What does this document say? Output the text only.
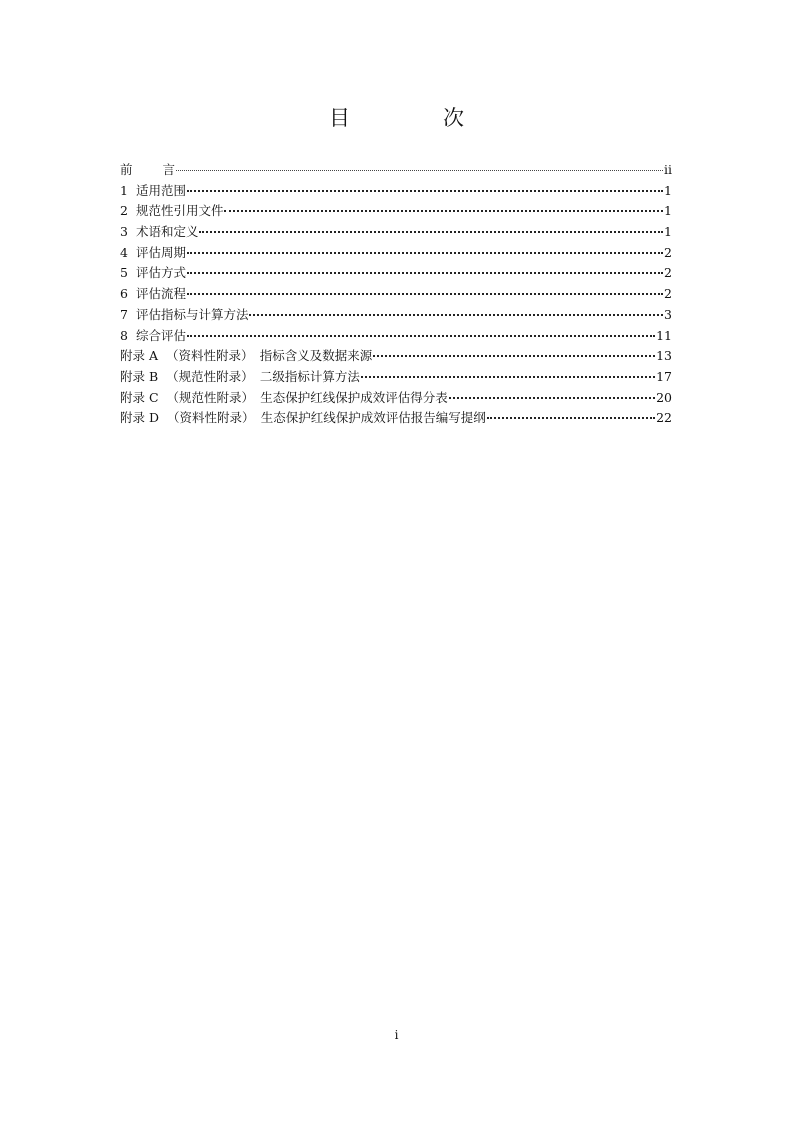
目　次
前 言	ii
1 适用范围	1
2 规范性引用文件	1
3 术语和定义	1
4 评估周期	2
5 评估方式	2
6 评估流程	2
7 评估指标与计算方法	3
8 综合评估	11
附录 A （资料性附录）　指标含义及数据来源	13
附录 B （规范性附录）　二级指标计算方法	17
附录 C （规范性附录）　生态保护红线保护成效评估得分表	20
附录 D （资料性附录）　生态保护红线保护成效评估报告编写提纲	22
i
